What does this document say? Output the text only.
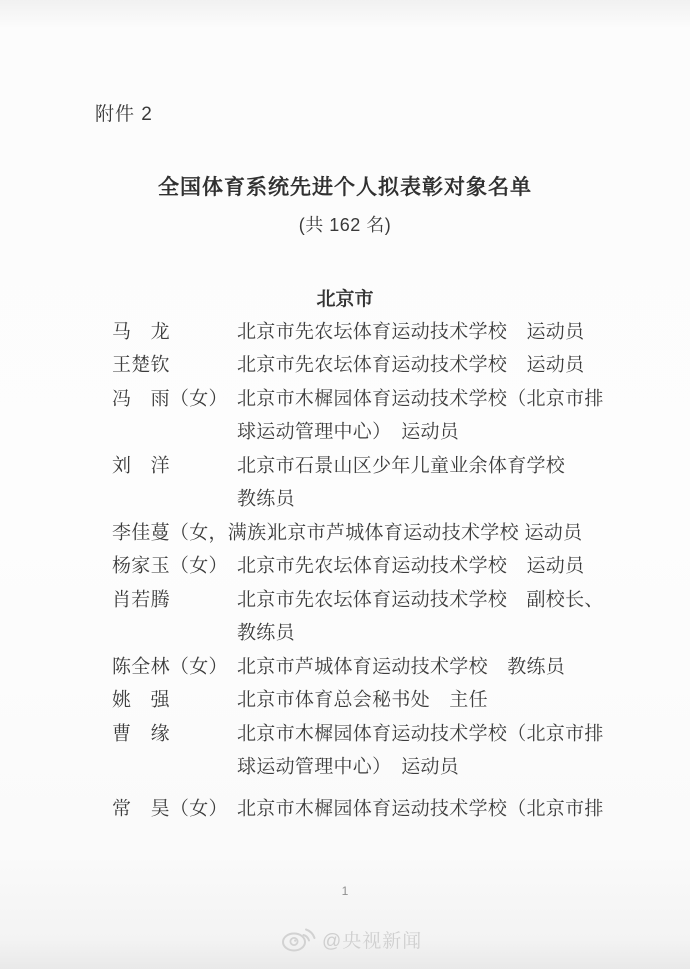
附件 2
全国体育系统先进个人拟表彰对象名单
(共 162 名)
北京市
马　龙	北京市先农坛体育运动技术学校　运动员
王楚钦	北京市先农坛体育运动技术学校　运动员
冯　雨（女） 北京市木樨园体育运动技术学校（北京市排
球运动管理中心）　运动员
刘　洋	北京市石景山区少年儿童业余体育学校
教练员
李佳蔓（女，满族）
北京市芦城体育运动技术学校 运动员
杨家玉（女） 北京市先农坛体育运动技术学校　运动员
肖若腾	北京市先农坛体育运动技术学校　副校长、
教练员
陈全林（女） 北京市芦城体育运动技术学校　教练员
姚　强	北京市体育总会秘书处　主任
曹　缘	北京市木樨园体育运动技术学校（北京市排
球运动管理中心）　运动员
常　昊（女） 北京市木樨园体育运动技术学校（北京市排
1
@央视新闻
